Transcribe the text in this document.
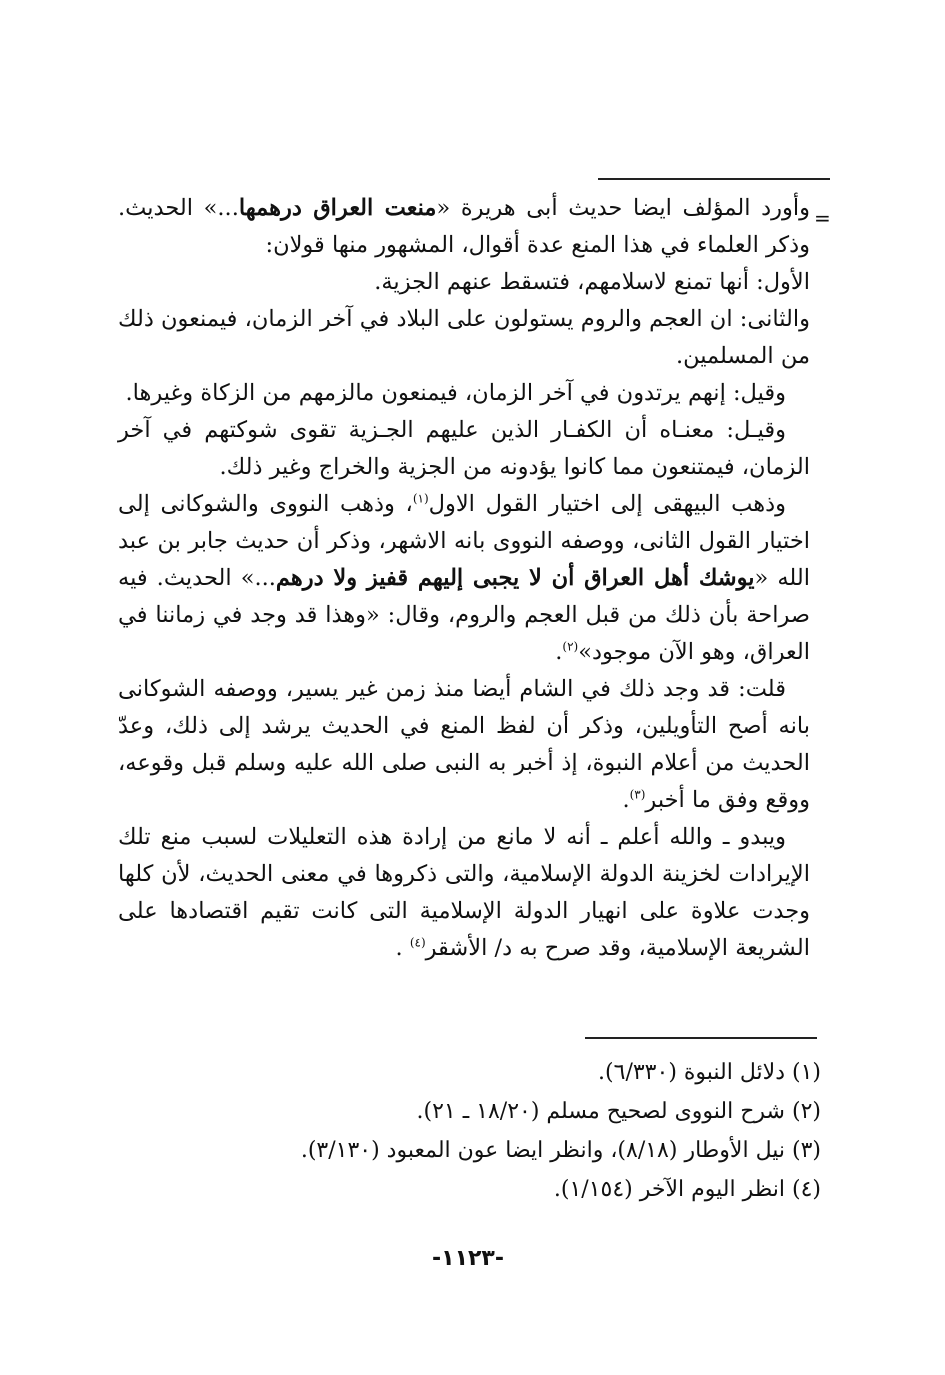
=

وأورد المؤلف ايضا حديث أبى هريرة «منعت العراق درهمها...» الحديث. وذكر العلماء في هذا المنع عدة أقوال، المشهور منها قولان:

الأول: أنها تمنع لاسلامهم، فتسقط عنهم الجزية.

والثانى: ان العجم والروم يستولون على البلاد في آخر الزمان، فيمنعون ذلك من المسلمين.

وقيل: إنهم يرتدون في آخر الزمان، فيمنعون مالزمهم من الزكاة وغيرها.

وقيـل: معنـاه أن الكفـار الذين عليهم الجـزية تقوى شوكتهم في آخر الزمان، فيمتنعون مما كانوا يؤدونه من الجزية والخراج وغير ذلك.

وذهب البيهقى إلى اختيار القول الاول$^{(١)}$، وذهب النووى والشوكانى إلى اختيار القول الثانى، ووصفه النووى بانه الاشهر، وذكر أن حديث جابر بن عبد الله «يوشك أهل العراق أن لا يجبى إليهم قفيز ولا درهم...» الحديث. فيه صراحة بأن ذلك من قبل العجم والروم، وقال: «وهذا قد وجد في زماننا في العراق، وهو الآن موجود»$^{(٢)}$.

قلت: قد وجد ذلك في الشام أيضا منذ زمن غير يسير، ووصفه الشوكانى بانه أصح التأويلين، وذكر أن لفظ المنع في الحديث يرشد إلى ذلك، وعدّ الحديث من أعلام النبوة، إذ أخبر به النبى صلى الله عليه وسلم قبل وقوعه، ووقع وفق ما أخبر$^{(٣)}$.

ويبدو ـ والله أعلم ـ أنه لا مانع من إرادة هذه التعليلات لسبب منع تلك الإيرادات لخزينة الدولة الإسلامية، والتى ذكروها في معنى الحديث، لأن كلها وجدت علاوة على انهيار الدولة الإسلامية التى كانت تقيم اقتصادها على الشريعة الإسلامية، وقد صرح به د/ الأشقر$^{(٤)}$ .

(١) دلائل النبوة (٦/٣٣٠).

(٢) شرح النووى لصحيح مسلم (١٨/٢٠ ـ ٢١).

(٣) نيل الأوطار (٨/١٨)، وانظر ايضا عون المعبود (٣/١٣٠).

(٤) انظر اليوم الآخر (١/١٥٤).

-١١٢٣-
